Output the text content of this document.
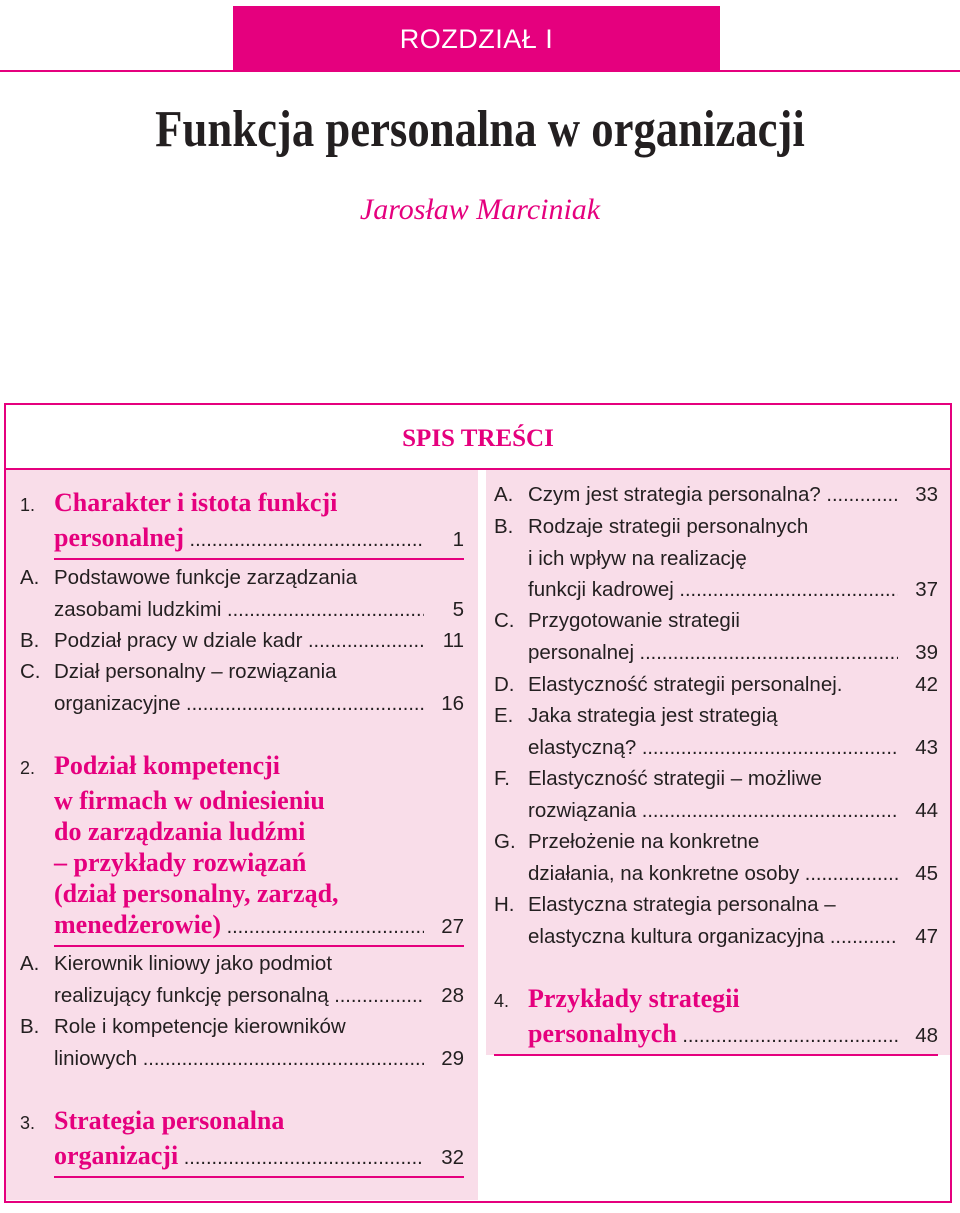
ROZDZIAŁ I
Funkcja personalna w organizacji
Jarosław Marciniak
SPIS TREŚCI
1. Charakter i istota funkcji
personalnej .....	1
A. Podstawowe funkcje zarządzania
zasobami ludzkimi .....	5
B. Podział pracy w dziale kadr .....	11
C. Dział personalny – rozwiązania
organizacyjne .....	16
2. Podział kompetencji
w firmach w odniesieniu
do zarządzania ludźmi
– przykłady rozwiązań
(dział personalny, zarząd,
menedżerowie) .....	27
A. Kierownik liniowy jako podmiot
realizujący funkcję personalną .....	28
B. Role i kompetencje kierowników
liniowych .....	29
3. Strategia personalna
organizacji .....	32
A. Czym jest strategia personalna? .....	33
B. Rodzaje strategii personalnych
i ich wpływ na realizację
funkcji kadrowej .....	37
C. Przygotowanie strategii
personalnej .....	39
D. Elastyczność strategii personalnej.	42
E. Jaka strategia jest strategią
elastyczną? .....	43
F. Elastyczność strategii – możliwe
rozwiązania .....	44
G. Przełożenie na konkretne
działania, na konkretne osoby .....	45
H. Elastyczna strategia personalna –
elastyczna kultura organizacyjna .....	47
4. Przykłady strategii
personalnych .....	48
